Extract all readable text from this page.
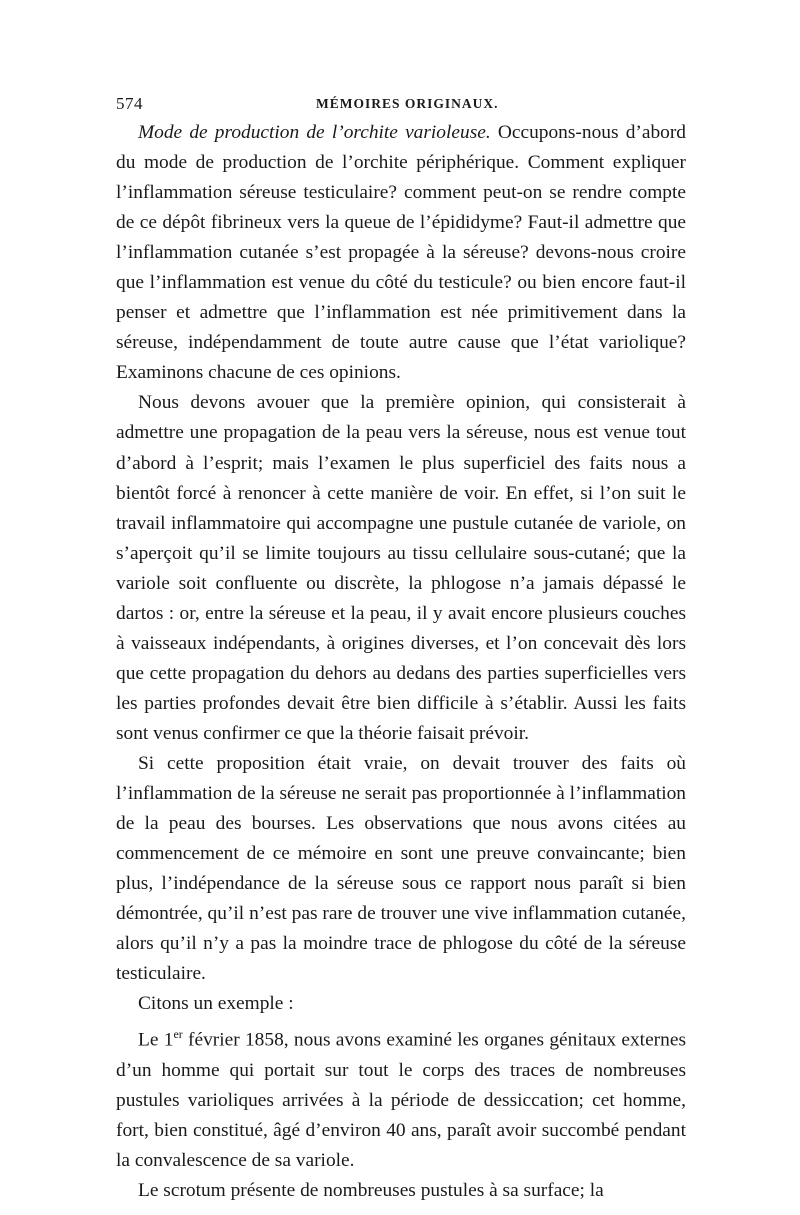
574	MÉMOIRES ORIGINAUX.

Mode de production de l’orchite varioleuse. Occupons-nous d’abord du mode de production de l’orchite périphérique. Comment expliquer l’inflammation séreuse testiculaire? comment peut-on se rendre compte de ce dépôt fibrineux vers la queue de l’épididyme? Faut-il admettre que l’inflammation cutanée s’est propagée à la séreuse? devons-nous croire que l’inflammation est venue du côté du testicule? ou bien encore faut-il penser et admettre que l’inflammation est née primitivement dans la séreuse, indépendamment de toute autre cause que l’état variolique? Examinons chacune de ces opinions.

Nous devons avouer que la première opinion, qui consisterait à admettre une propagation de la peau vers la séreuse, nous est venue tout d’abord à l’esprit; mais l’examen le plus superficiel des faits nous a bientôt forcé à renoncer à cette manière de voir. En effet, si l’on suit le travail inflammatoire qui accompagne une pustule cutanée de variole, on s’aperçoit qu’il se limite toujours au tissu cellulaire sous-cutané; que la variole soit confluente ou discrète, la phlogose n’a jamais dépassé le dartos : or, entre la séreuse et la peau, il y avait encore plusieurs couches à vaisseaux indépendants, à origines diverses, et l’on concevait dès lors que cette propagation du dehors au dedans des parties superficielles vers les parties profondes devait être bien difficile à s’établir. Aussi les faits sont venus confirmer ce que la théorie faisait prévoir.

Si cette proposition était vraie, on devait trouver des faits où l’inflammation de la séreuse ne serait pas proportionnée à l’inflammation de la peau des bourses. Les observations que nous avons citées au commencement de ce mémoire en sont une preuve convaincante; bien plus, l’indépendance de la séreuse sous ce rapport nous paraît si bien démontrée, qu’il n’est pas rare de trouver une vive inflammation cutanée, alors qu’il n’y a pas la moindre trace de phlogose du côté de la séreuse testiculaire.

Citons un exemple :

Le 1er février 1858, nous avons examiné les organes génitaux externes d’un homme qui portait sur tout le corps des traces de nombreuses pustules varioliques arrivées à la période de dessiccation; cet homme, fort, bien constitué, âgé d’environ 40 ans, paraît avoir succombé pendant la convalescence de sa variole.

Le scrotum présente de nombreuses pustules à sa surface; la
